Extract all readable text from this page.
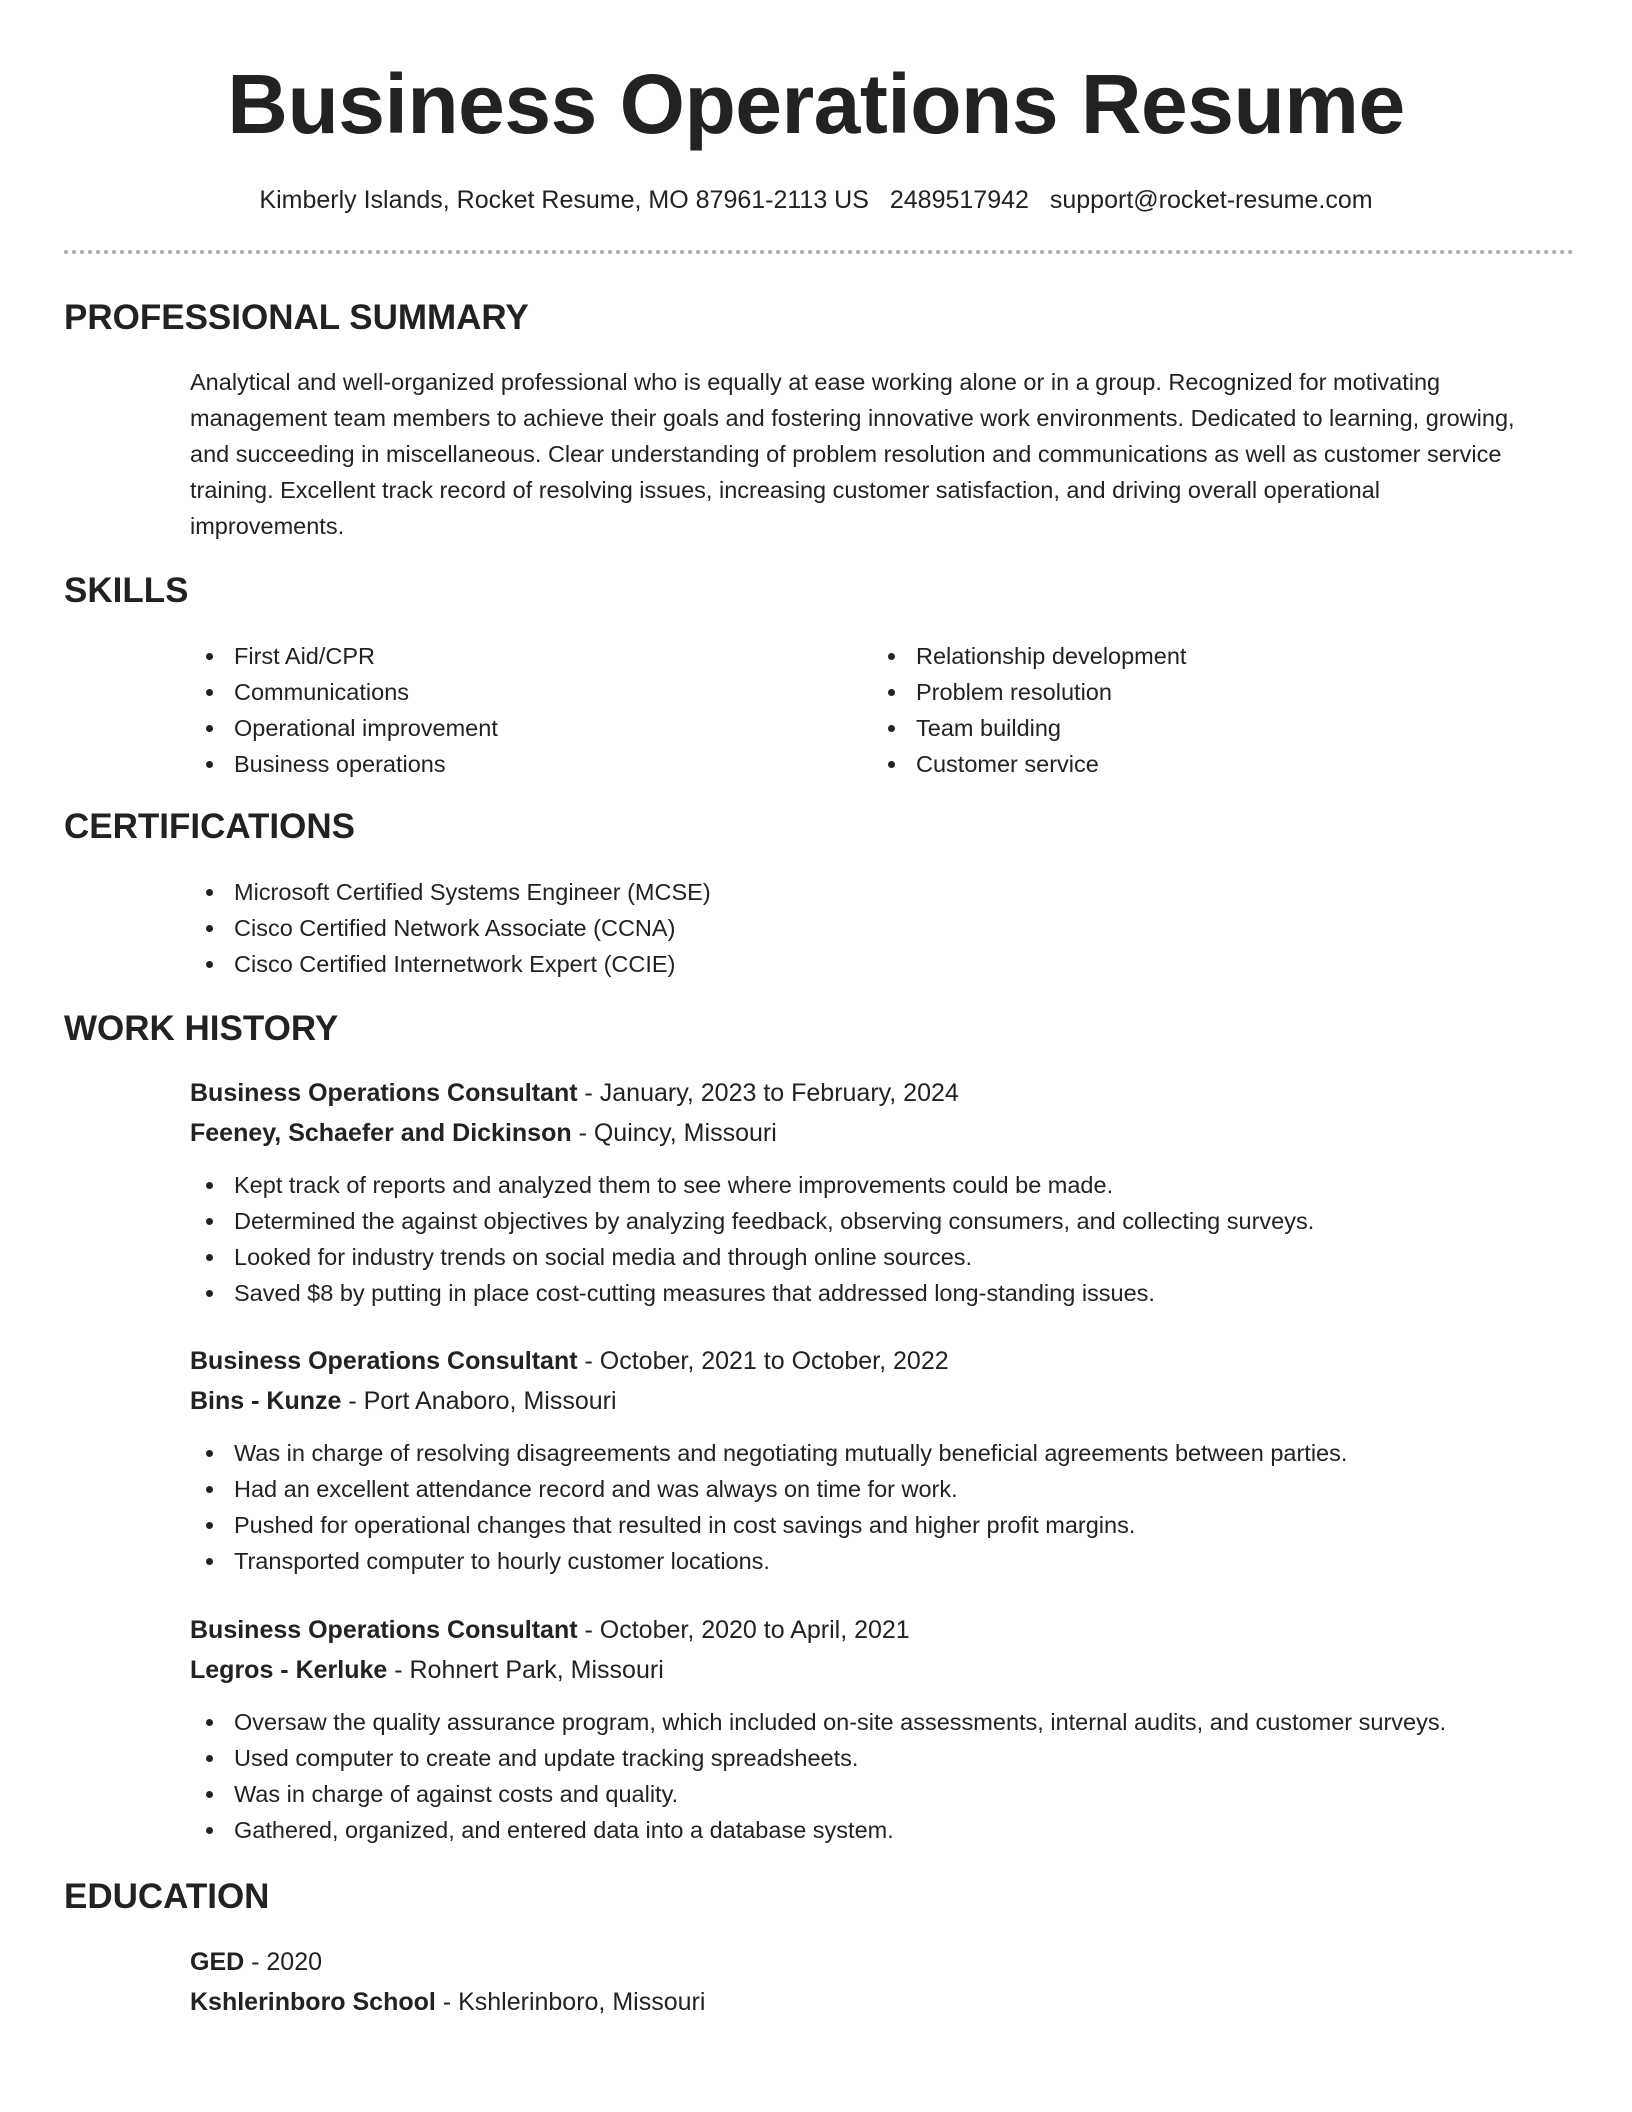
Business Operations Resume
Kimberly Islands, Rocket Resume, MO 87961-2113 US 2489517942 support@rocket-resume.com
PROFESSIONAL SUMMARY

Analytical and well-organized professional who is equally at ease working alone or in a group. Recognized for motivating management team members to achieve their goals and fostering innovative work environments. Dedicated to learning, growing, and succeeding in miscellaneous. Clear understanding of problem resolution and communications as well as customer service training. Excellent track record of resolving issues, increasing customer satisfaction, and driving overall operational improvements.

SKILLS
First Aid/CPR
Communications
Operational improvement
Business operations
Relationship development
Problem resolution
Team building
Customer service
CERTIFICATIONS
Microsoft Certified Systems Engineer (MCSE)
Cisco Certified Network Associate (CCNA)
Cisco Certified Internetwork Expert (CCIE)
WORK HISTORY
Business Operations Consultant - January, 2023 to February, 2024
Feeney, Schaefer and Dickinson - Quincy, Missouri
Kept track of reports and analyzed them to see where improvements could be made.
Determined the against objectives by analyzing feedback, observing consumers, and collecting surveys.
Looked for industry trends on social media and through online sources.
Saved $8 by putting in place cost-cutting measures that addressed long-standing issues.
Business Operations Consultant - October, 2021 to October, 2022
Bins - Kunze - Port Anaboro, Missouri
Was in charge of resolving disagreements and negotiating mutually beneficial agreements between parties.
Had an excellent attendance record and was always on time for work.
Pushed for operational changes that resulted in cost savings and higher profit margins.
Transported computer to hourly customer locations.
Business Operations Consultant - October, 2020 to April, 2021
Legros - Kerluke - Rohnert Park, Missouri
Oversaw the quality assurance program, which included on-site assessments, internal audits, and customer surveys.
Used computer to create and update tracking spreadsheets.
Was in charge of against costs and quality.
Gathered, organized, and entered data into a database system.
EDUCATION
GED - 2020
Kshlerinboro School - Kshlerinboro, Missouri
